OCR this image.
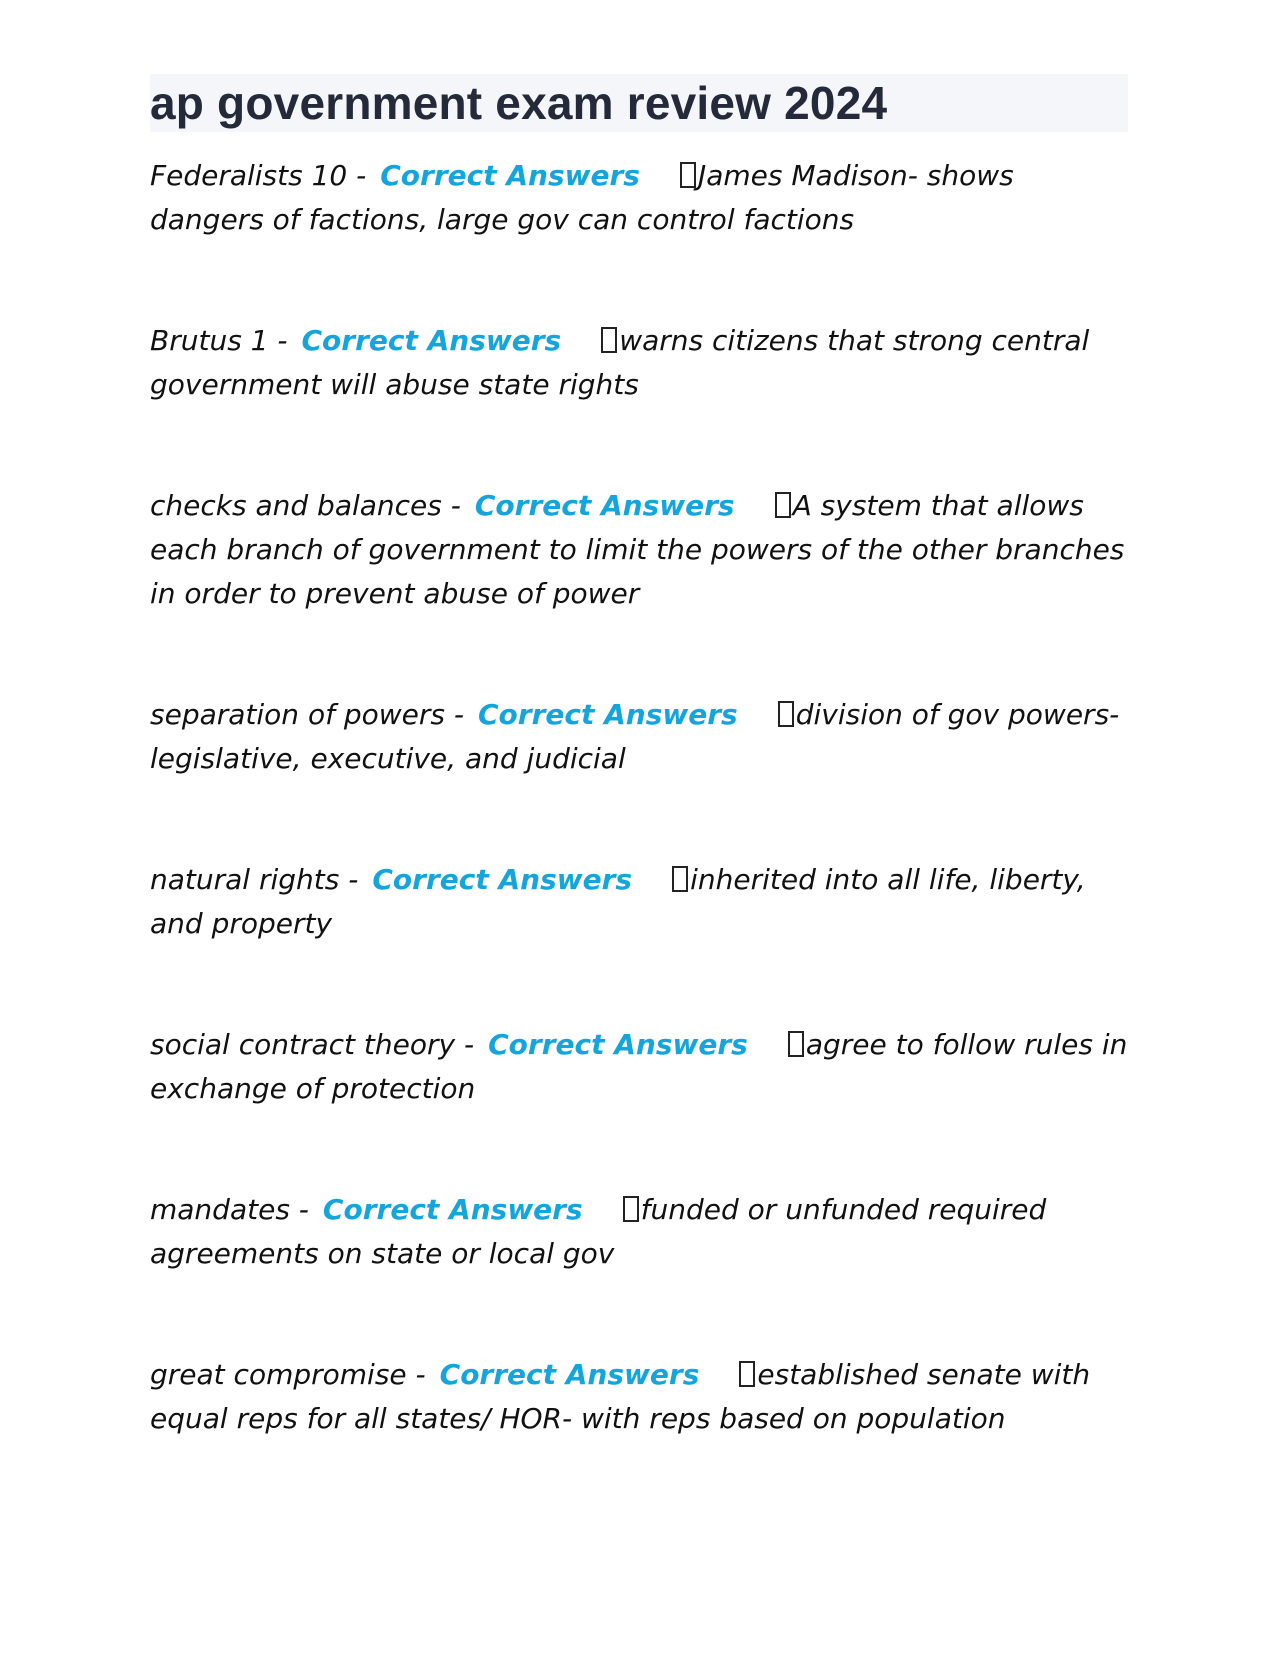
ap government exam review 2024

Federalists 10 - Correct Answers James Madison- shows dangers of factions, large gov can control factions

Brutus 1 - Correct Answers warns citizens that strong central government will abuse state rights

checks and balances - Correct Answers A system that allows each branch of government to limit the powers of the other branches in order to prevent abuse of power

separation of powers - Correct Answers division of gov powers- legislative, executive, and judicial

natural rights - Correct Answers inherited into all life, liberty, and property

social contract theory - Correct Answers agree to follow rules in exchange of protection

mandates - Correct Answers funded or unfunded required agreements on state or local gov

great compromise - Correct Answers established senate with equal reps for all states/ HOR- with reps based on population
